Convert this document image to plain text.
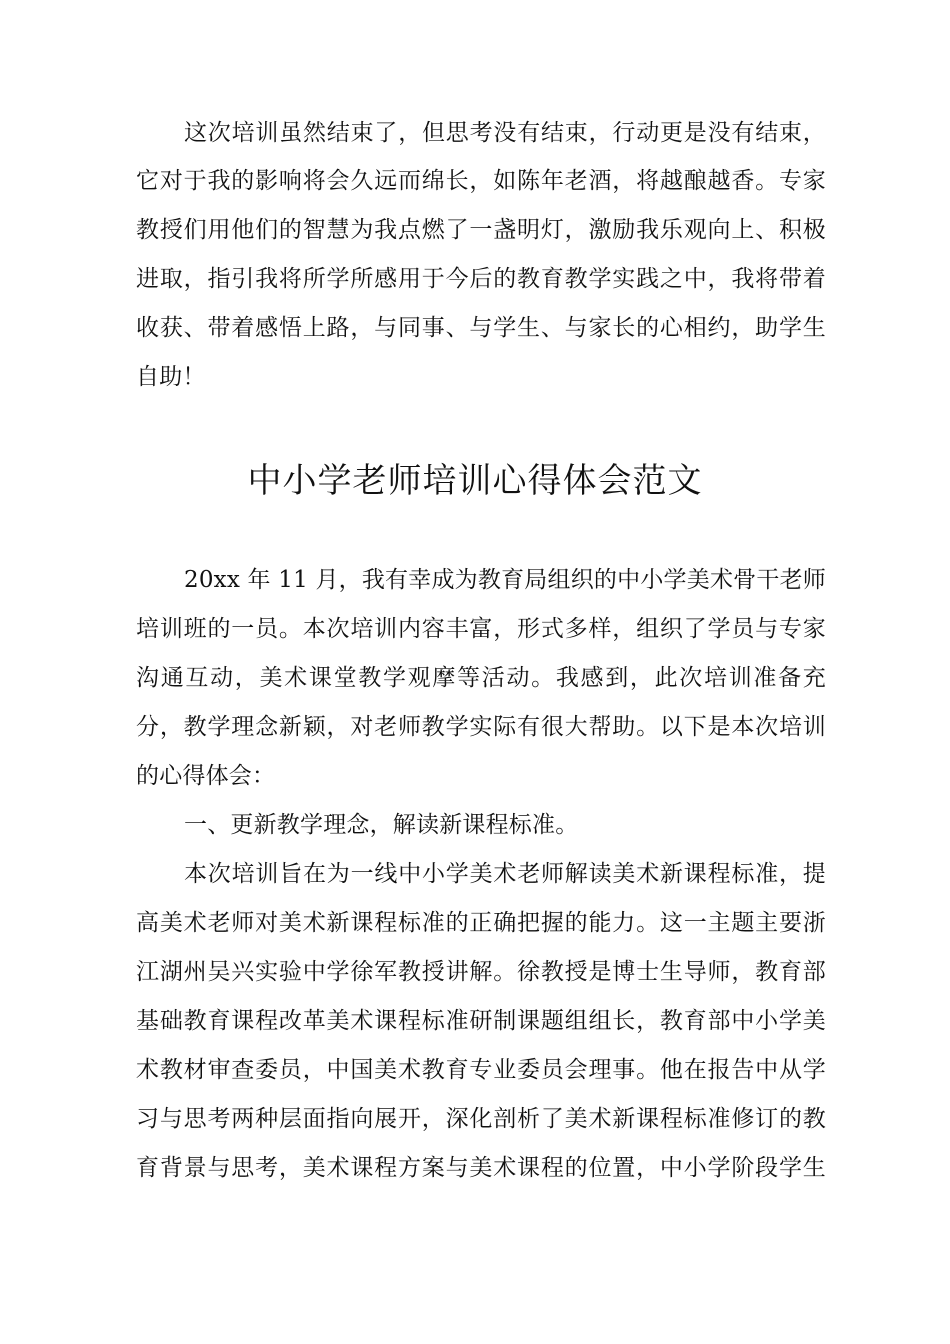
这次培训虽然结束了，但思考没有结束，行动更是没有结束，
它对于我的影响将会久远而绵长，如陈年老酒，将越酿越香。专家
教授们用他们的智慧为我点燃了一盏明灯，激励我乐观向上、积极
进取，指引我将所学所感用于今后的教育教学实践之中，我将带着
收获、带着感悟上路，与同事、与学生、与家长的心相约，助学生
自助！
中小学老师培训心得体会范文
20xx 年 11 月，我有幸成为教育局组织的中小学美术骨干老师
培训班的一员。本次培训内容丰富，形式多样，组织了学员与专家
沟通互动，美术课堂教学观摩等活动。我感到，此次培训准备充
分，教学理念新颖，对老师教学实际有很大帮助。以下是本次培训
的心得体会：
一、更新教学理念，解读新课程标准。
本次培训旨在为一线中小学美术老师解读美术新课程标准，提
高美术老师对美术新课程标准的正确把握的能力。这一主题主要浙
江湖州吴兴实验中学徐军教授讲解。徐教授是博士生导师，教育部
基础教育课程改革美术课程标准研制课题组组长，教育部中小学美
术教材审查委员，中国美术教育专业委员会理事。他在报告中从学
习与思考两种层面指向展开，深化剖析了美术新课程标准修订的教
育背景与思考，美术课程方案与美术课程的位置，中小学阶段学生
